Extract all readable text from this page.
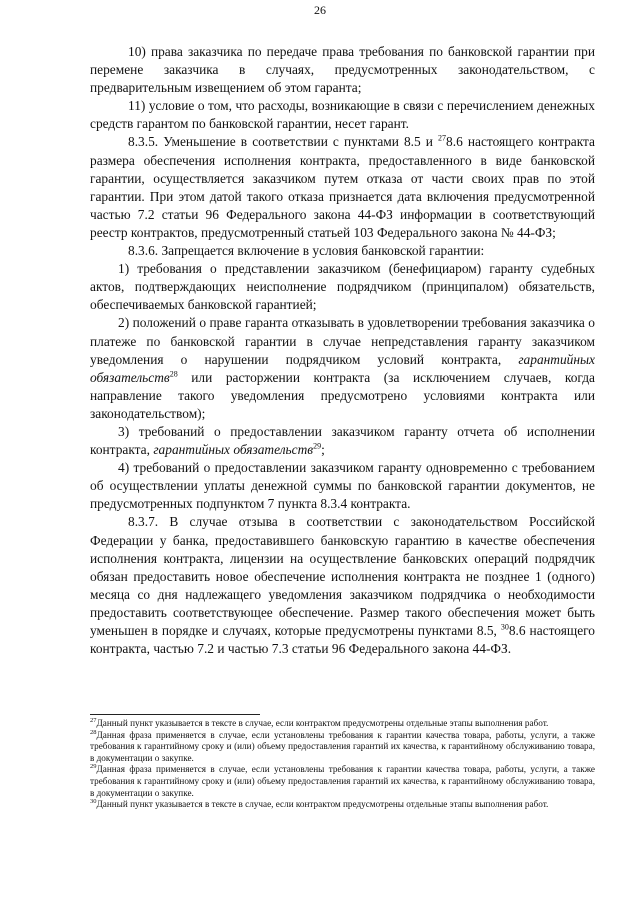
26

10) права заказчика по передаче права требования по банковской гарантии при перемене заказчика в случаях, предусмотренных законодательством, с предварительным извещением об этом гаранта;

11) условие о том, что расходы, возникающие в связи с перечислением денежных средств гарантом по банковской гарантии, несет гарант.

8.3.5. Уменьшение в соответствии с пунктами 8.5 и $^{27}$8.6 настоящего контракта размера обеспечения исполнения контракта, предоставленного в виде банковской гарантии, осуществляется заказчиком путем отказа от части своих прав по этой гарантии. При этом датой такого отказа признается дата включения предусмотренной частью 7.2 статьи 96 Федерального закона 44-ФЗ информации в соответствующий реестр контрактов, предусмотренный статьей 103 Федерального закона № 44-ФЗ;

8.3.6. Запрещается включение в условия банковской гарантии:

1) требования о представлении заказчиком (бенефициаром) гаранту судебных актов, подтверждающих неисполнение подрядчиком (принципалом) обязательств, обеспечиваемых банковской гарантией;

2) положений о праве гаранта отказывать в удовлетворении требования заказчика о платеже по банковской гарантии в случае непредставления гаранту заказчиком уведомления о нарушении подрядчиком условий контракта, гарантийных обязательств$^{28}$ или расторжении контракта (за исключением случаев, когда направление такого уведомления предусмотрено условиями контракта или законодательством);

3) требований о предоставлении заказчиком гаранту отчета об исполнении контракта, гарантийных обязательств$^{29}$;

4) требований о предоставлении заказчиком гаранту одновременно с требованием об осуществлении уплаты денежной суммы по банковской гарантии документов, не предусмотренных подпунктом 7 пункта 8.3.4 контракта.

8.3.7. В случае отзыва в соответствии с законодательством Российской Федерации у банка, предоставившего банковскую гарантию в качестве обеспечения исполнения контракта, лицензии на осуществление банковских операций подрядчик обязан предоставить новое обеспечение исполнения контракта не позднее 1 (одного) месяца со дня надлежащего уведомления заказчиком подрядчика о необходимости предоставить соответствующее обеспечение. Размер такого обеспечения может быть уменьшен в порядке и случаях, которые предусмотрены пунктами 8.5, $^{30}$8.6 настоящего контракта, частью 7.2 и частью 7.3 статьи 96 Федерального закона 44-ФЗ.

$^{27}$Данный пункт указывается в тексте в случае, если контрактом предусмотрены отдельные этапы выполнения работ.

$^{28}$Данная фраза применяется в случае, если установлены требования к гарантии качества товара, работы, услуги, а также требования к гарантийному сроку и (или) объему предоставления гарантий их качества, к гарантийному обслуживанию товара, в документации о закупке.

$^{29}$Данная фраза применяется в случае, если установлены требования к гарантии качества товара, работы, услуги, а также требования к гарантийному сроку и (или) объему предоставления гарантий их качества, к гарантийному обслуживанию товара, в документации о закупке.

$^{30}$Данный пункт указывается в тексте в случае, если контрактом предусмотрены отдельные этапы выполнения работ.
